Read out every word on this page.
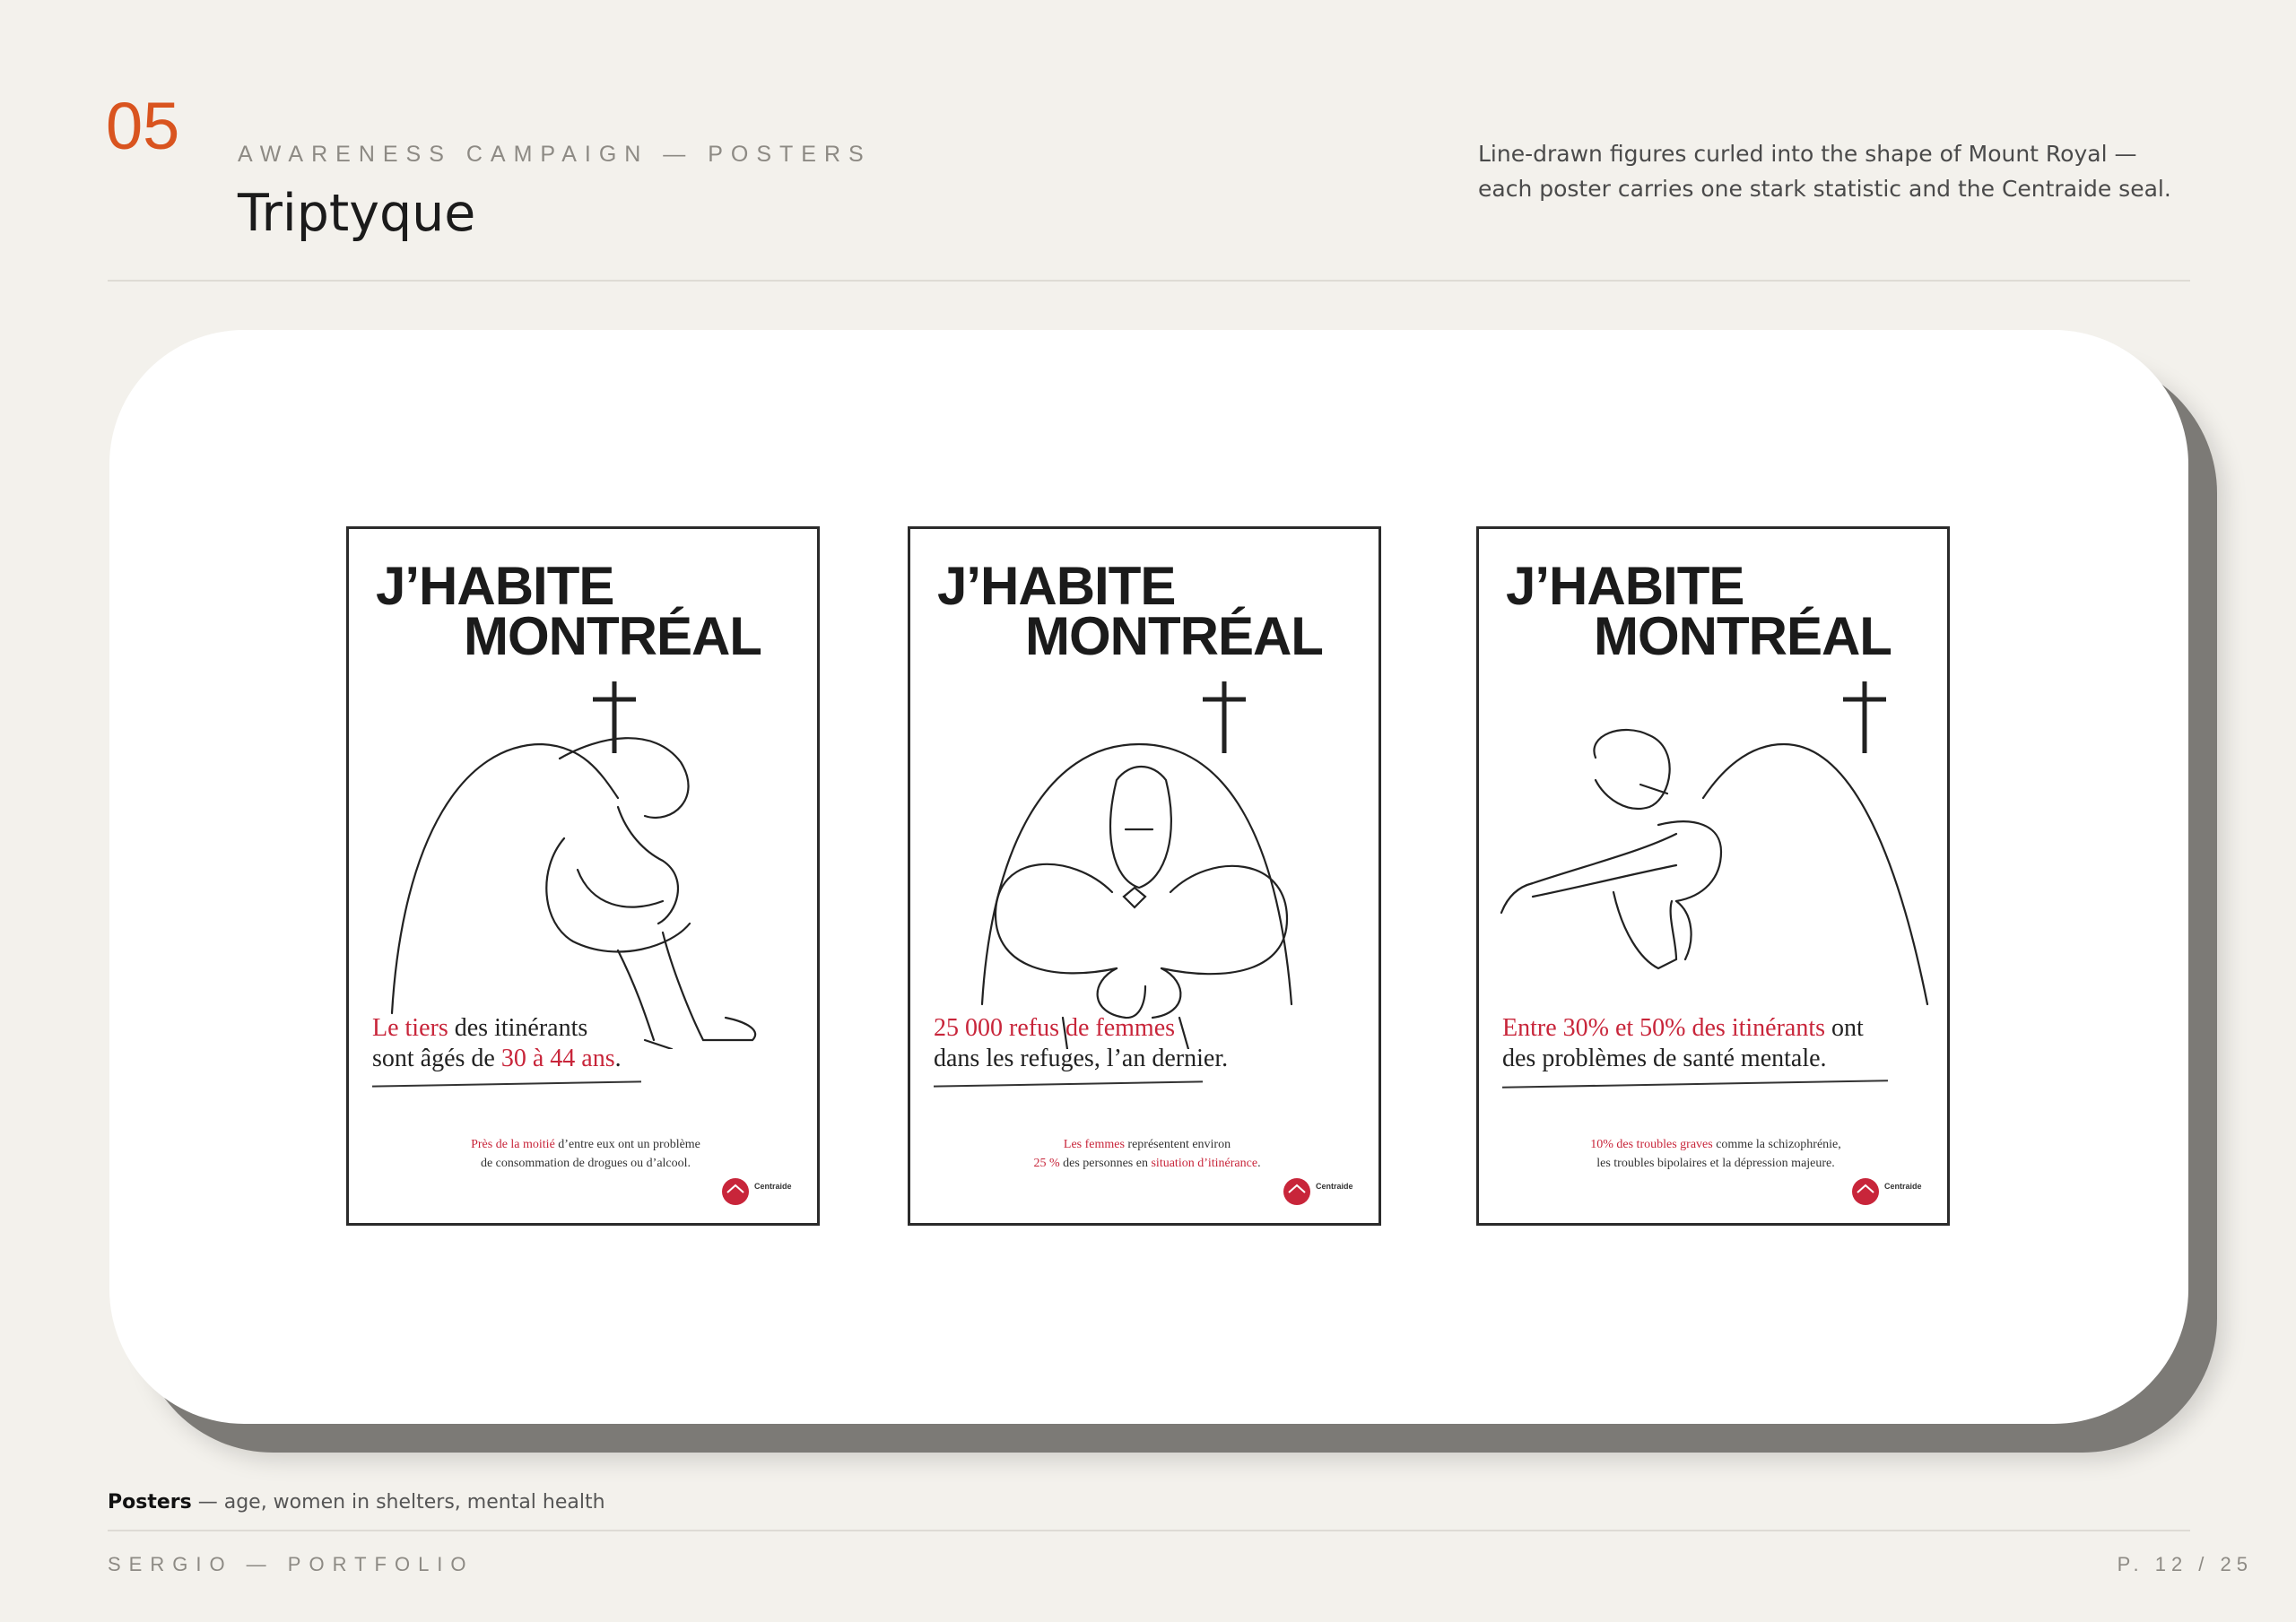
05	AWARENESS CAMPAIGN — POSTERS
Triptyque
Line-drawn figures curled into the shape of Mount Royal — each poster carries one stark statistic and the Centraide seal.
J’HABITE
MONTRÉAL
Le tiers des itinérants
sont âgés de 30 à 44 ans.
Près de la moitié d’entre eux ont un problème
de consommation de drogues ou d’alcool.
Centraide
J’HABITE
MONTRÉAL
25 000 refus de femmes
dans les refuges, l’an dernier.
Les femmes représentent environ
25 % des personnes en situation d’itinérance.
Centraide
J’HABITE
MONTRÉAL
Entre 30% et 50% des itinérants ont
des problèmes de santé mentale.
10% des troubles graves comme la schizophrénie,
les troubles bipolaires et la dépression majeure.
Centraide
Posters — age, women in shelters, mental health
SERGIO — PORTFOLIO	P. 12 / 25
